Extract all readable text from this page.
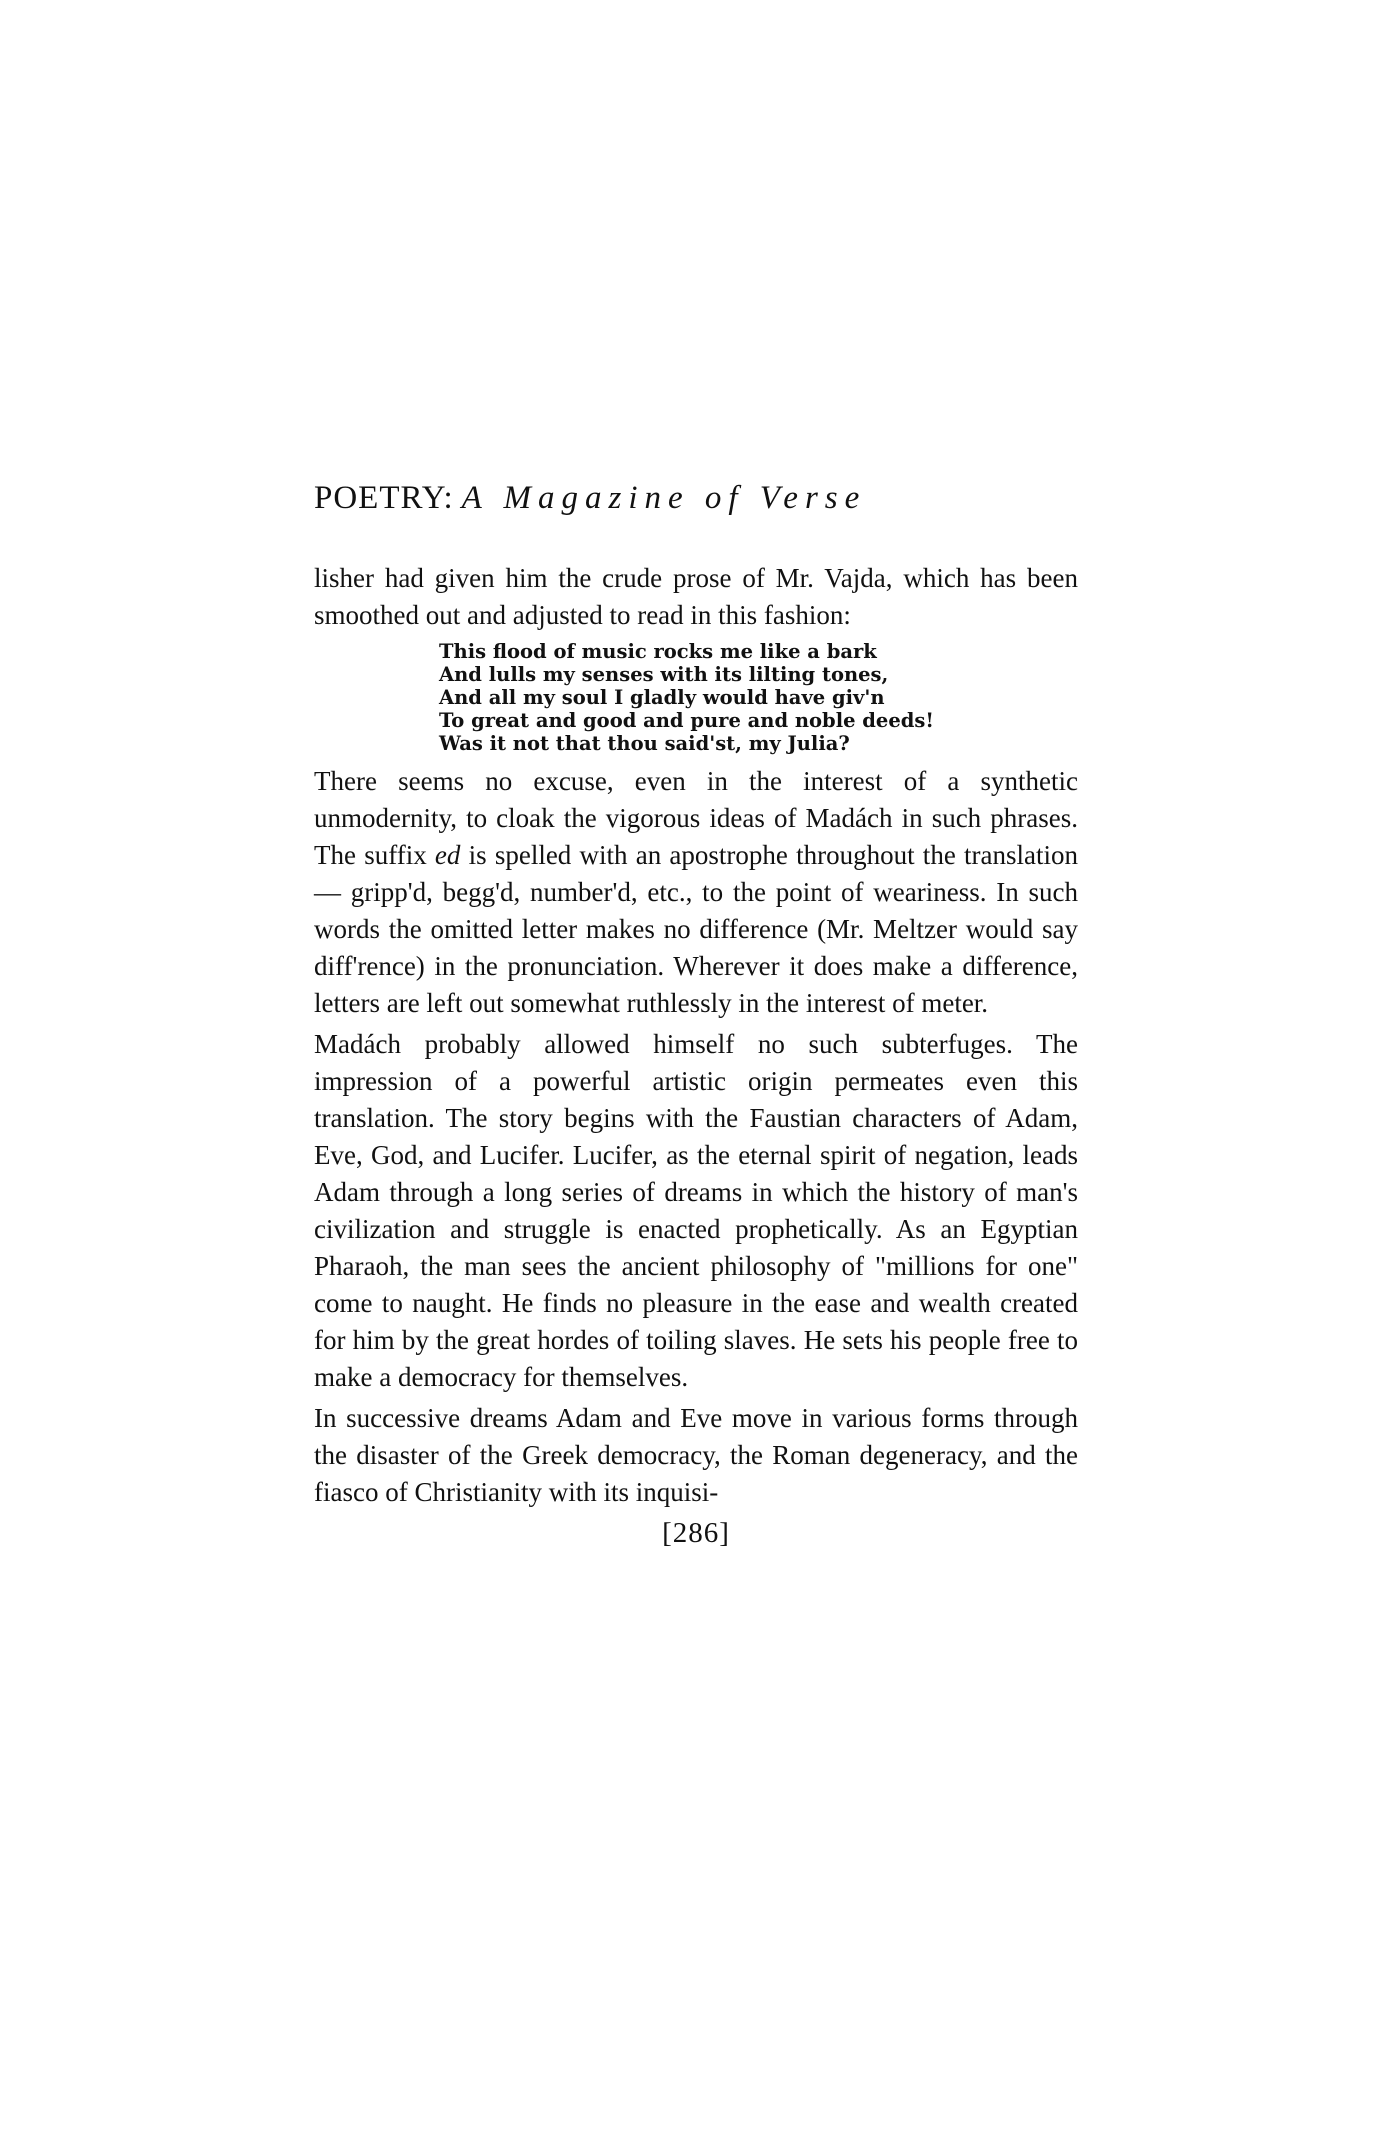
POETRY: A Magazine of Verse

lisher had given him the crude prose of Mr. Vajda, which has been smoothed out and adjusted to read in this fashion:

This flood of music rocks me like a bark
And lulls my senses with its lilting tones,
And all my soul I gladly would have giv'n
To great and good and pure and noble deeds!
Was it not that thou said'st, my Julia?

There seems no excuse, even in the interest of a synthetic unmodernity, to cloak the vigorous ideas of Madách in such phrases. The suffix ed is spelled with an apostrophe throughout the translation — gripp'd, begg'd, number'd, etc., to the point of weariness. In such words the omitted letter makes no difference (Mr. Meltzer would say diff'rence) in the pronunciation. Wherever it does make a difference, letters are left out somewhat ruthlessly in the interest of meter.

Madách probably allowed himself no such subterfuges. The impression of a powerful artistic origin permeates even this translation. The story begins with the Faustian characters of Adam, Eve, God, and Lucifer. Lucifer, as the eternal spirit of negation, leads Adam through a long series of dreams in which the history of man's civilization and struggle is enacted prophetically. As an Egyptian Pharaoh, the man sees the ancient philosophy of "millions for one" come to naught. He finds no pleasure in the ease and wealth created for him by the great hordes of toiling slaves. He sets his people free to make a democracy for themselves.

In successive dreams Adam and Eve move in various forms through the disaster of the Greek democracy, the Roman degeneracy, and the fiasco of Christianity with its inquisi-

[286]
